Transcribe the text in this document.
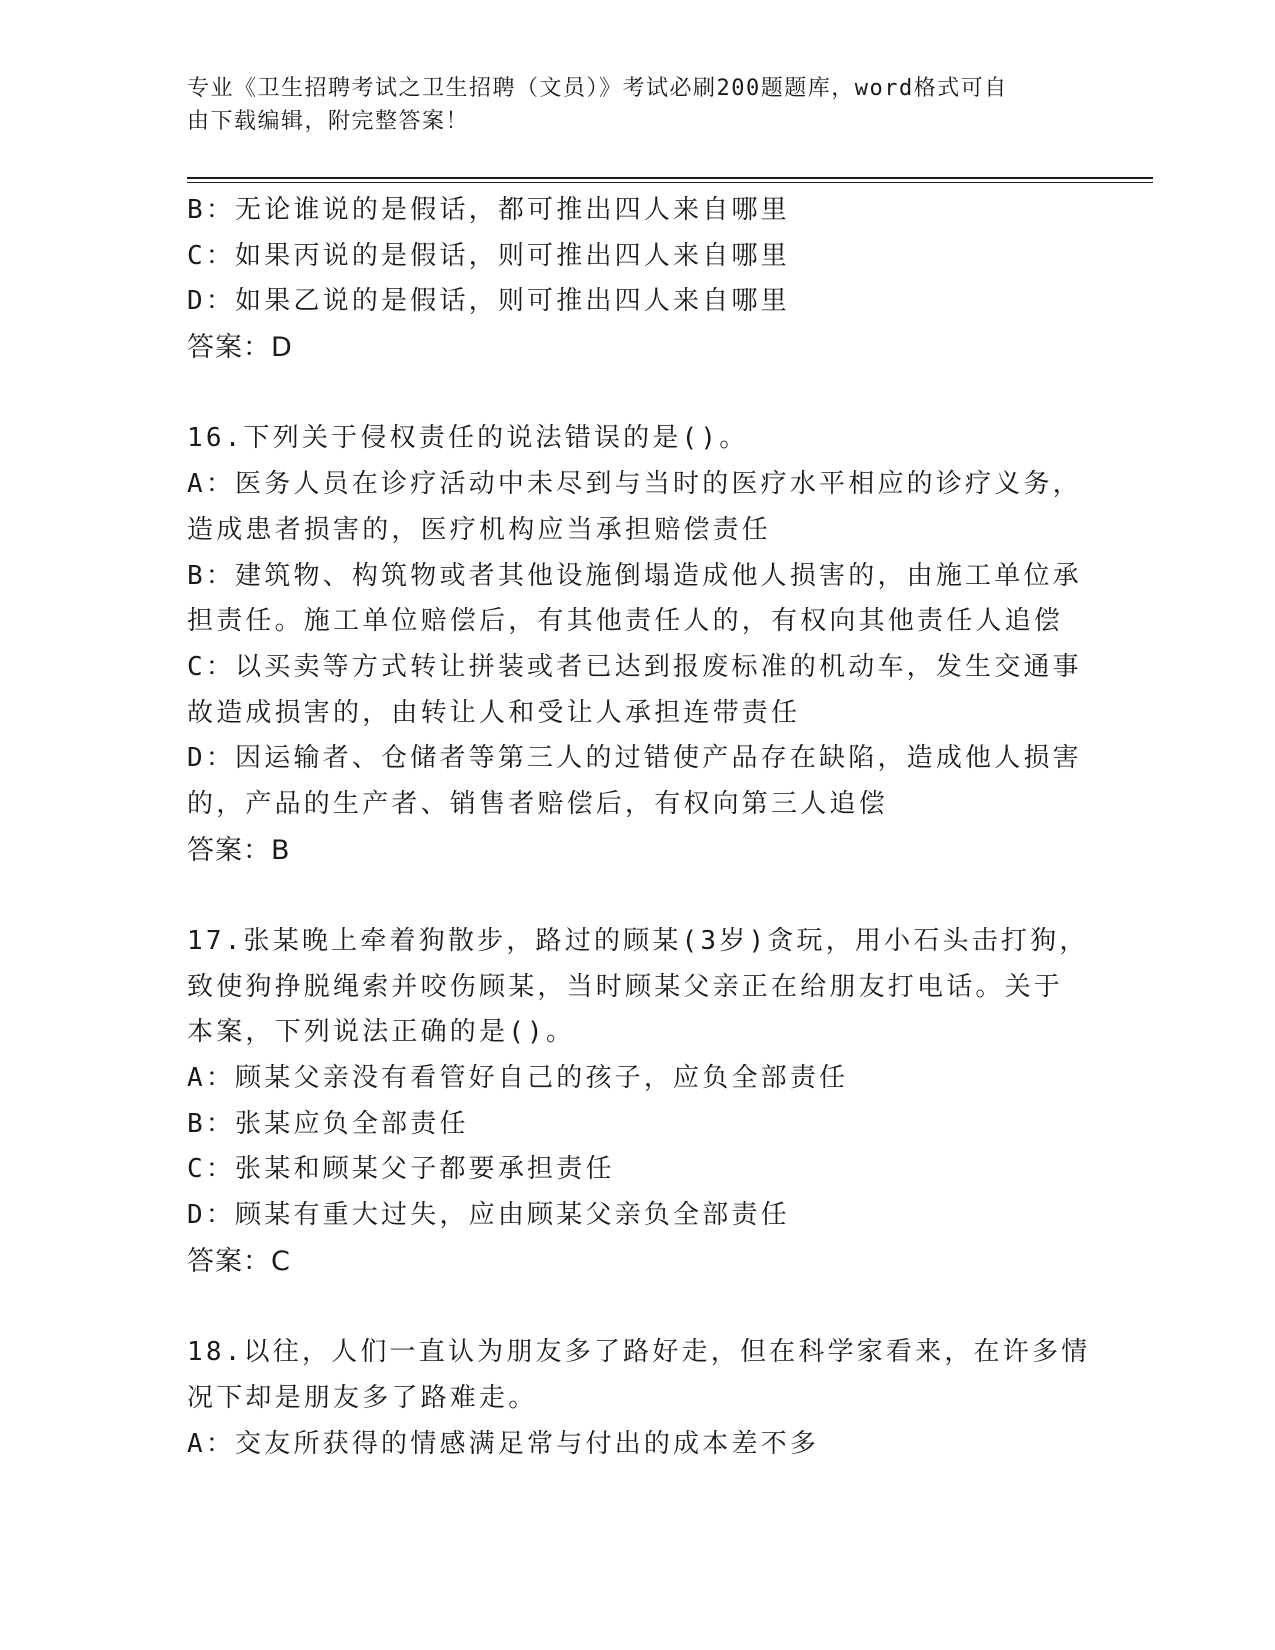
专业《卫生招聘考试之卫生招聘（文员）》考试必刷200题题库，word格式可自
由下载编辑，附完整答案！
B：无论谁说的是假话，都可推出四人来自哪里
C：如果丙说的是假话，则可推出四人来自哪里
D：如果乙说的是假话，则可推出四人来自哪里
答案：D
16.下列关于侵权责任的说法错误的是()。
A：医务人员在诊疗活动中未尽到与当时的医疗水平相应的诊疗义务，
造成患者损害的，医疗机构应当承担赔偿责任
B：建筑物、构筑物或者其他设施倒塌造成他人损害的，由施工单位承
担责任。施工单位赔偿后，有其他责任人的，有权向其他责任人追偿
C：以买卖等方式转让拼装或者已达到报废标准的机动车，发生交通事
故造成损害的，由转让人和受让人承担连带责任
D：因运输者、仓储者等第三人的过错使产品存在缺陷，造成他人损害
的，产品的生产者、销售者赔偿后，有权向第三人追偿
答案：B
17.张某晚上牵着狗散步，路过的顾某(3岁)贪玩，用小石头击打狗，
致使狗挣脱绳索并咬伤顾某，当时顾某父亲正在给朋友打电话。关于
本案，下列说法正确的是()。
A：顾某父亲没有看管好自己的孩子，应负全部责任
B：张某应负全部责任
C：张某和顾某父子都要承担责任
D：顾某有重大过失，应由顾某父亲负全部责任
答案：C
18.以往，人们一直认为朋友多了路好走，但在科学家看来，在许多情
况下却是朋友多了路难走。
A：交友所获得的情感满足常与付出的成本差不多
